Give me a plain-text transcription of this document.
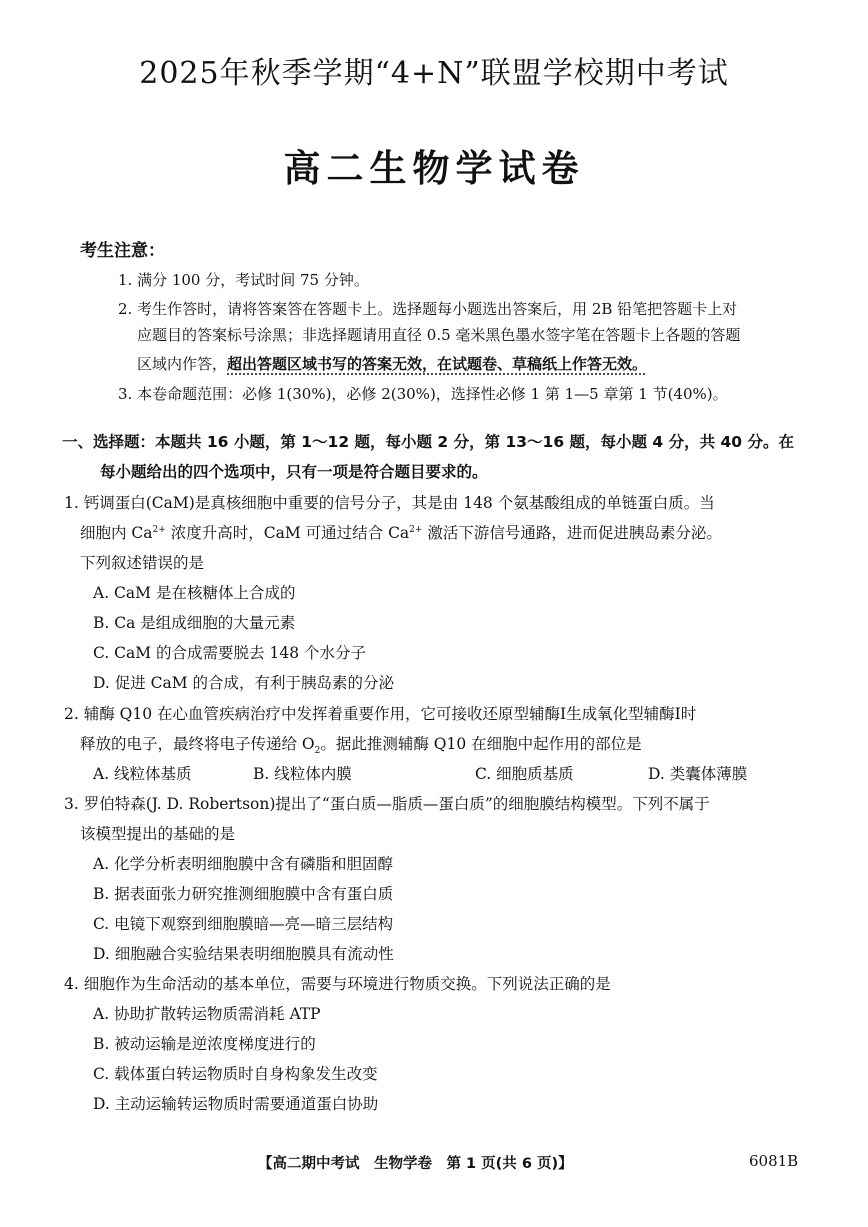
2025年秋季学期“4+N”联盟学校期中考试
高二生物学试卷
考生注意：
1. 满分 100 分，考试时间 75 分钟。
2. 考生作答时，请将答案答在答题卡上。选择题每小题选出答案后，用 2B 铅笔把答题卡上对
应题目的答案标号涂黑；非选择题请用直径 0.5 毫米黑色墨水签字笔在答题卡上各题的答题
区域内作答，超出答题区域书写的答案无效，在试题卷、草稿纸上作答无效。
3. 本卷命题范围：必修 1(30%)，必修 2(30%)，选择性必修 1 第 1—5 章第 1 节(40%)。
一、选择题：本题共 16 小题，第 1～12 题，每小题 2 分，第 13～16 题，每小题 4 分，共 40 分。在
每小题给出的四个选项中，只有一项是符合题目要求的。
1. 钙调蛋白(CaM)是真核细胞中重要的信号分子，其是由 148 个氨基酸组成的单链蛋白质。当
细胞内 $Ca^{2+}$ 浓度升高时，CaM 可通过结合 $Ca^{2+}$ 激活下游信号通路，进而促进胰岛素分泌。
下列叙述错误的是
A. CaM 是在核糖体上合成的
B. Ca 是组成细胞的大量元素
C. CaM 的合成需要脱去 148 个水分子
D. 促进 CaM 的合成，有利于胰岛素的分泌
2. 辅酶 Q10 在心血管疾病治疗中发挥着重要作用，它可接收还原型辅酶Ⅰ生成氧化型辅酶Ⅰ时
释放的电子，最终将电子传递给 $O_2$。据此推测辅酶 Q10 在细胞中起作用的部位是
A. 线粒体基质	B. 线粒体内膜	C. 细胞质基质	D. 类囊体薄膜
3. 罗伯特森(J. D. Robertson)提出了“蛋白质—脂质—蛋白质”的细胞膜结构模型。下列不属于
该模型提出的基础的是
A. 化学分析表明细胞膜中含有磷脂和胆固醇
B. 据表面张力研究推测细胞膜中含有蛋白质
C. 电镜下观察到细胞膜暗—亮—暗三层结构
D. 细胞融合实验结果表明细胞膜具有流动性
4. 细胞作为生命活动的基本单位，需要与环境进行物质交换。下列说法正确的是
A. 协助扩散转运物质需消耗 ATP
B. 被动运输是逆浓度梯度进行的
C. 载体蛋白转运物质时自身构象发生改变
D. 主动运输转运物质时需要通道蛋白协助
【高二期中考试　生物学卷　第 1 页(共 6 页)】	6081B
